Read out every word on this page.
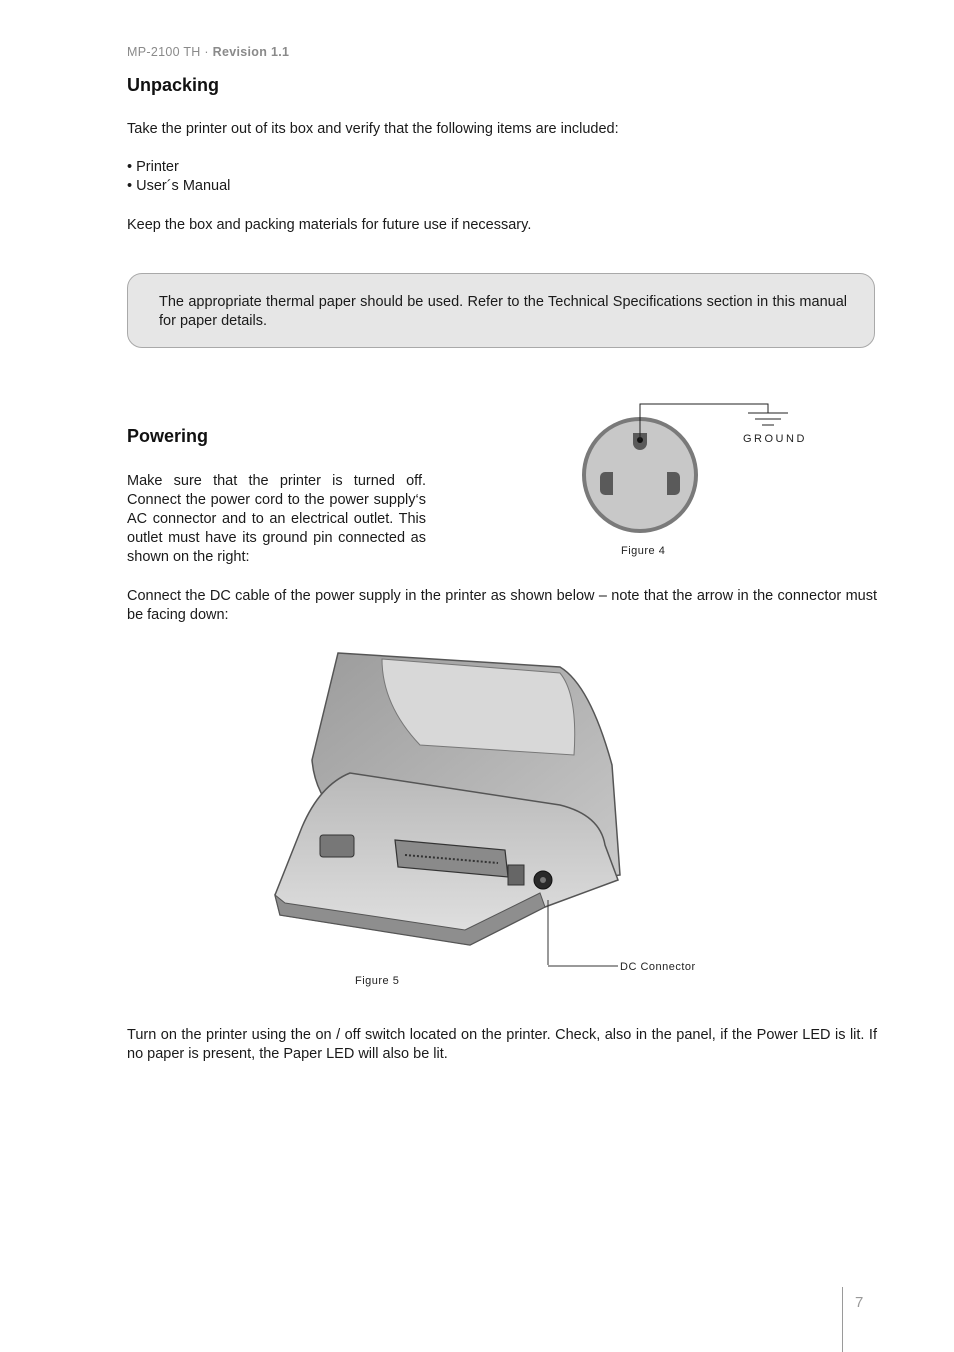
MP-2100 TH · Revision 1.1
Unpacking
Take the printer out of its box and verify that the following items are included:
• Printer
• User´s Manual
Keep the box and packing materials for future use if necessary.
The appropriate thermal paper should be used. Refer to the Technical Specifications section in this manual for paper details.
Powering
Make sure that the printer is turned off. Connect the power cord to the power supply‘s AC connector and to an electrical outlet. This outlet must have its ground pin connected as shown on the right:
GROUND
Figure 4
Connect the DC cable of the power supply in the printer as shown below – note that the arrow in the connector must be facing down:
DC Connector
Figure 5
Turn on the printer using the on / off switch located on the printer. Check, also in the panel, if the Power LED is lit. If no paper is present, the Paper LED will also be lit.
7
